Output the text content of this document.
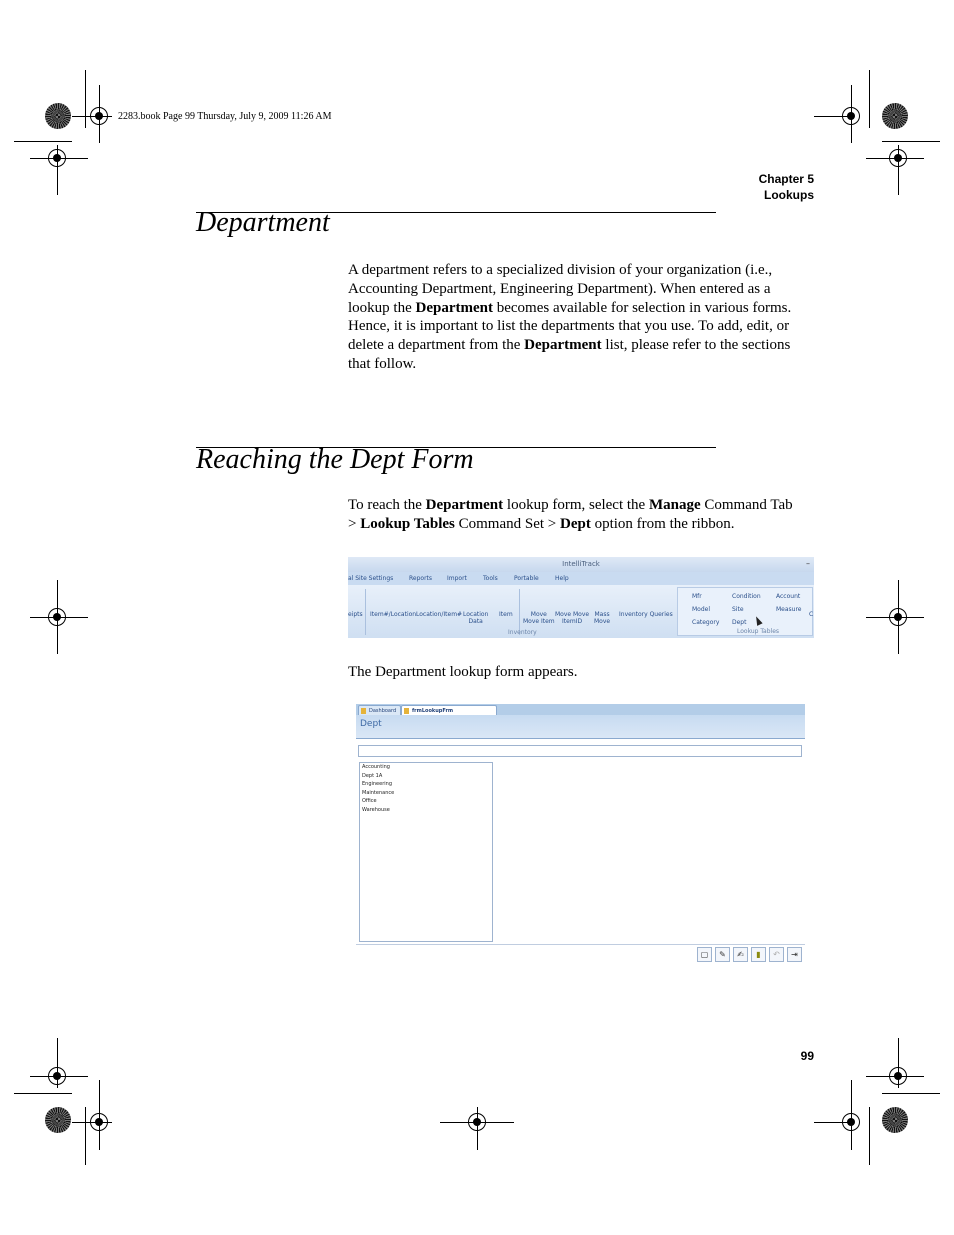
2283.book Page 99 Thursday, July 9, 2009 11:26 AM
Chapter 5
Lookups
Department
A department refers to a specialized division of your organization (i.e.,
Accounting Department, Engineering Department). When entered as a
lookup the Department becomes available for selection in various forms.
Hence, it is important to list the departments that you use. To add, edit, or
delete a department from the Department list, please refer to the sections
that follow.
Reaching the Dept Form
To reach the Department lookup form, select the Manage Command Tab
> Lookup Tables Command Set > Dept option from the ribbon.
IntelliTrack	–
al Site Settings	Reports Import	Tools	Portable	Help
eipts Item#/Location Location/Item# Location
Data
Item	Move
Move Item
Move Move
ItemID
Mass
Move
Inventory Queries
Inventory
Mfr	Condition	Account
Model	Site	Measure
Category Dept
Lookup Tables
C
The Department lookup form appears.
Dashboard	frmLookupFrm
Dept
Accounting
Dept 1A
Engineering
Maintenance
Office
Warehouse
▢	✎	✍	▮	↶	⇥
99
